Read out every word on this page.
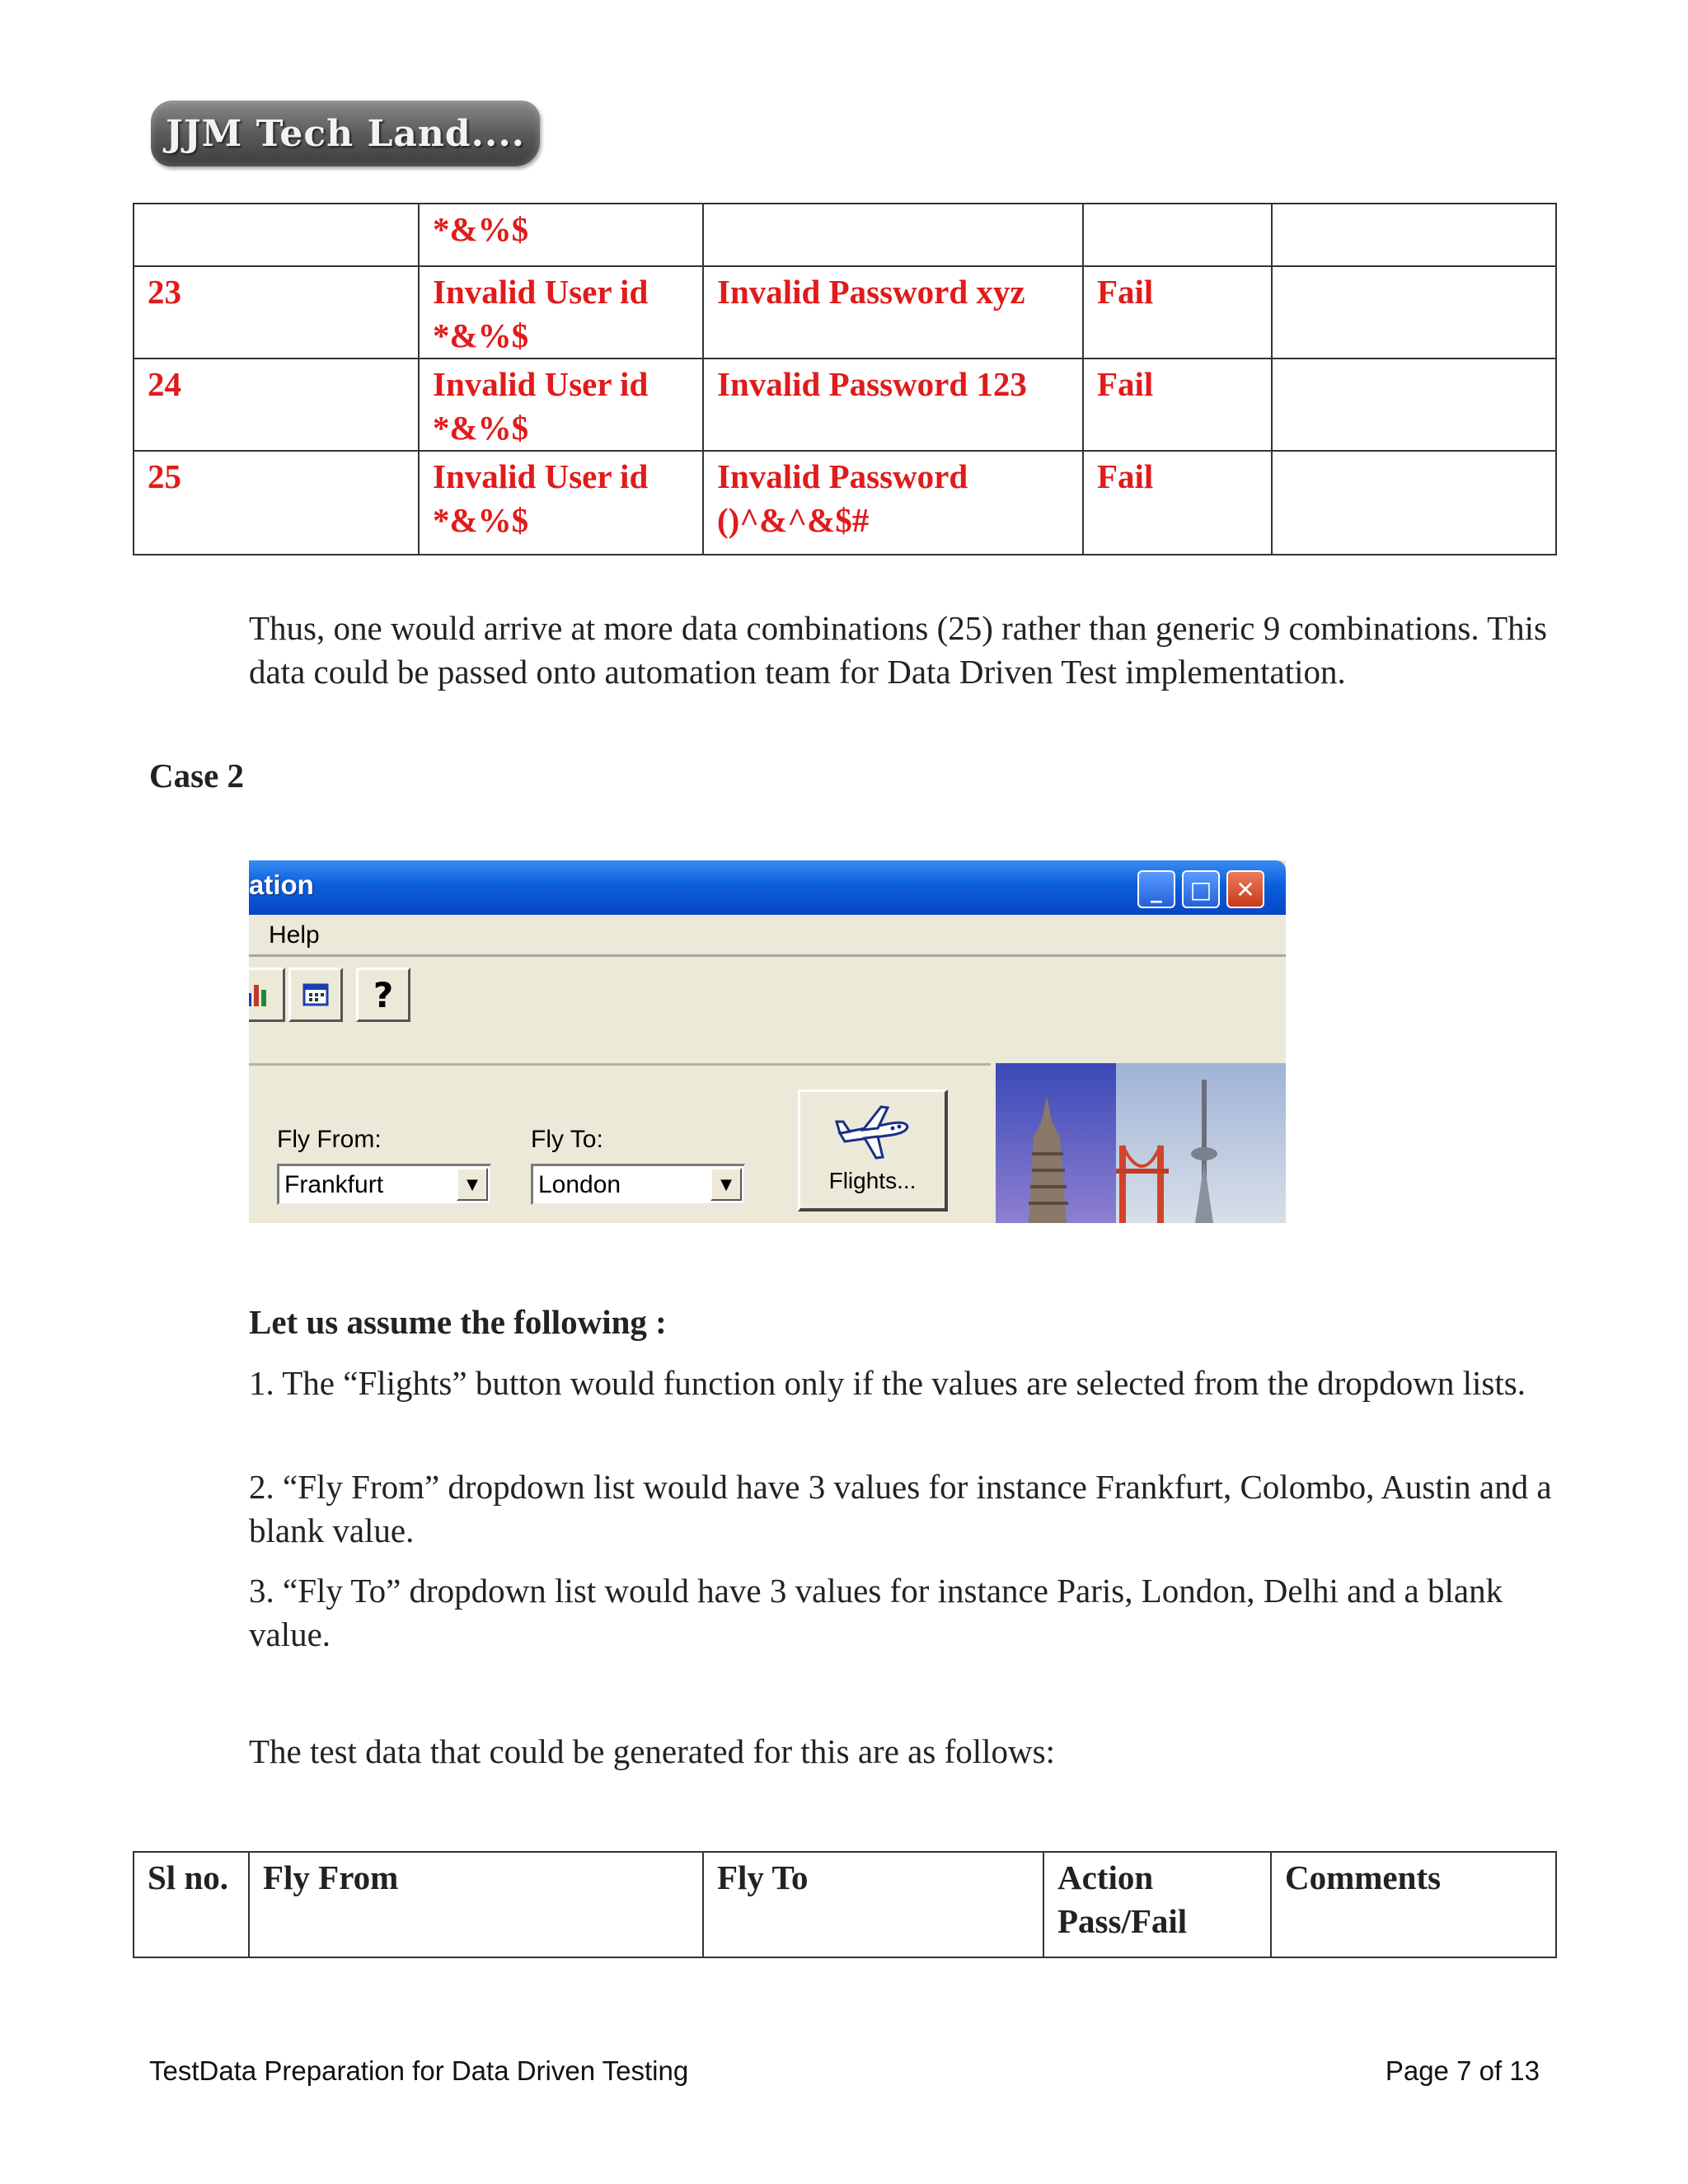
JJM Tech Land....
	*&%$			
23	Invalid User id *&%$	Invalid Password xyz	Fail	
24	Invalid User id *&%$	Invalid Password 123	Fail	
25	Invalid User id *&%$	Invalid Password ()^&^&$#	Fail	
Thus, one would arrive at more data combinations (25) rather than generic 9 combinations. This data could be passed onto automation team for Data Driven Test implementation.
Case 2
ation	_	□	✕
Help
?
Fly From:
Frankfurt	▼
Fly To:
London	▼	Flights...
Let us assume the following :
1. The “Flights” button would function only if the values are selected from the dropdown lists.
2. “Fly From” dropdown list would have 3 values for instance Frankfurt, Colombo, Austin and a blank value.
3. “Fly To” dropdown list would have 3 values for instance Paris, London, Delhi and a blank value.
The test data that could be generated for this are as follows:
Sl no.	Fly From	Fly To	Action Pass/Fail	Comments
TestData Preparation for Data Driven Testing	Page 7 of 13
